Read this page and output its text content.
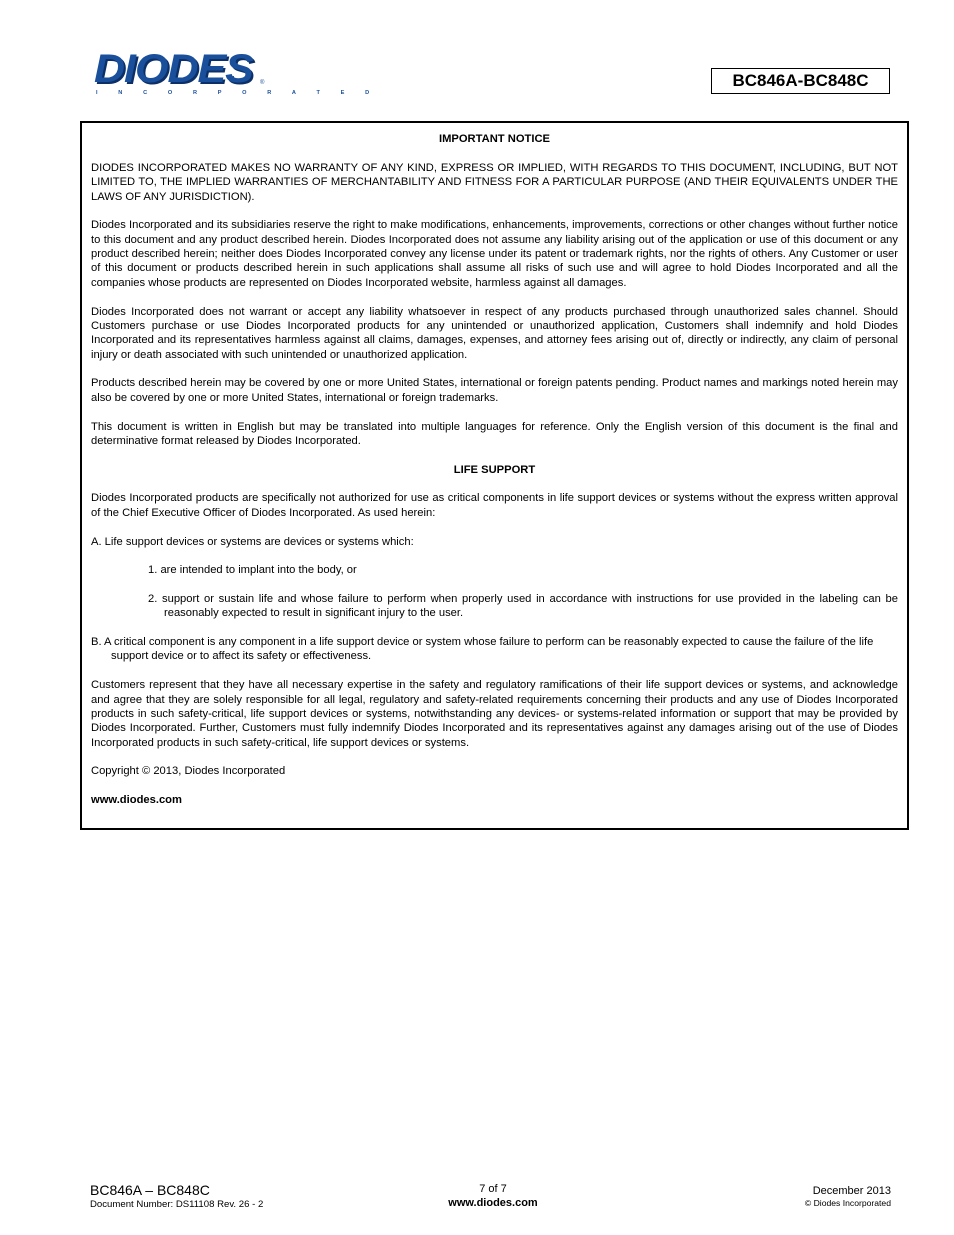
DIODES
I N C O R P O R A T E D
®	BC846A-BC848C

IMPORTANT NOTICE

DIODES INCORPORATED MAKES NO WARRANTY OF ANY KIND, EXPRESS OR IMPLIED, WITH REGARDS TO THIS DOCUMENT, INCLUDING, BUT NOT LIMITED TO, THE IMPLIED WARRANTIES OF MERCHANTABILITY AND FITNESS FOR A PARTICULAR PURPOSE (AND THEIR EQUIVALENTS UNDER THE LAWS OF ANY JURISDICTION).

Diodes Incorporated and its subsidiaries reserve the right to make modifications, enhancements, improvements, corrections or other changes without further notice to this document and any product described herein. Diodes Incorporated does not assume any liability arising out of the application or use of this document or any product described herein; neither does Diodes Incorporated convey any license under its patent or trademark rights, nor the rights of others. Any Customer or user of this document or products described herein in such applications shall assume all risks of such use and will agree to hold Diodes Incorporated and all the companies whose products are represented on Diodes Incorporated website, harmless against all damages.

Diodes Incorporated does not warrant or accept any liability whatsoever in respect of any products purchased through unauthorized sales channel. Should Customers purchase or use Diodes Incorporated products for any unintended or unauthorized application, Customers shall indemnify and hold Diodes Incorporated and its representatives harmless against all claims, damages, expenses, and attorney fees arising out of, directly or indirectly, any claim of personal injury or death associated with such unintended or unauthorized application.

Products described herein may be covered by one or more United States, international or foreign patents pending. Product names and markings noted herein may also be covered by one or more United States, international or foreign trademarks.

This document is written in English but may be translated into multiple languages for reference. Only the English version of this document is the final and determinative format released by Diodes Incorporated.

LIFE SUPPORT

Diodes Incorporated products are specifically not authorized for use as critical components in life support devices or systems without the express written approval of the Chief Executive Officer of Diodes Incorporated. As used herein:

A. Life support devices or systems are devices or systems which:

1. are intended to implant into the body, or

2. support or sustain life and whose failure to perform when properly used in accordance with instructions for use provided in the labeling can be reasonably expected to result in significant injury to the user.

B. A critical component is any component in a life support device or system whose failure to perform can be reasonably expected to cause the failure of the life support device or to affect its safety or effectiveness.

Customers represent that they have all necessary expertise in the safety and regulatory ramifications of their life support devices or systems, and acknowledge and agree that they are solely responsible for all legal, regulatory and safety-related requirements concerning their products and any use of Diodes Incorporated products in such safety-critical, life support devices or systems, notwithstanding any devices- or systems-related information or support that may be provided by Diodes Incorporated. Further, Customers must fully indemnify Diodes Incorporated and its representatives against any damages arising out of the use of Diodes Incorporated products in such safety-critical, life support devices or systems.

Copyright © 2013, Diodes Incorporated

www.diodes.com

BC846A – BC848C
Document Number: DS11108 Rev. 26 - 2
7 of 7
www.diodes.com
December 2013
© Diodes Incorporated
